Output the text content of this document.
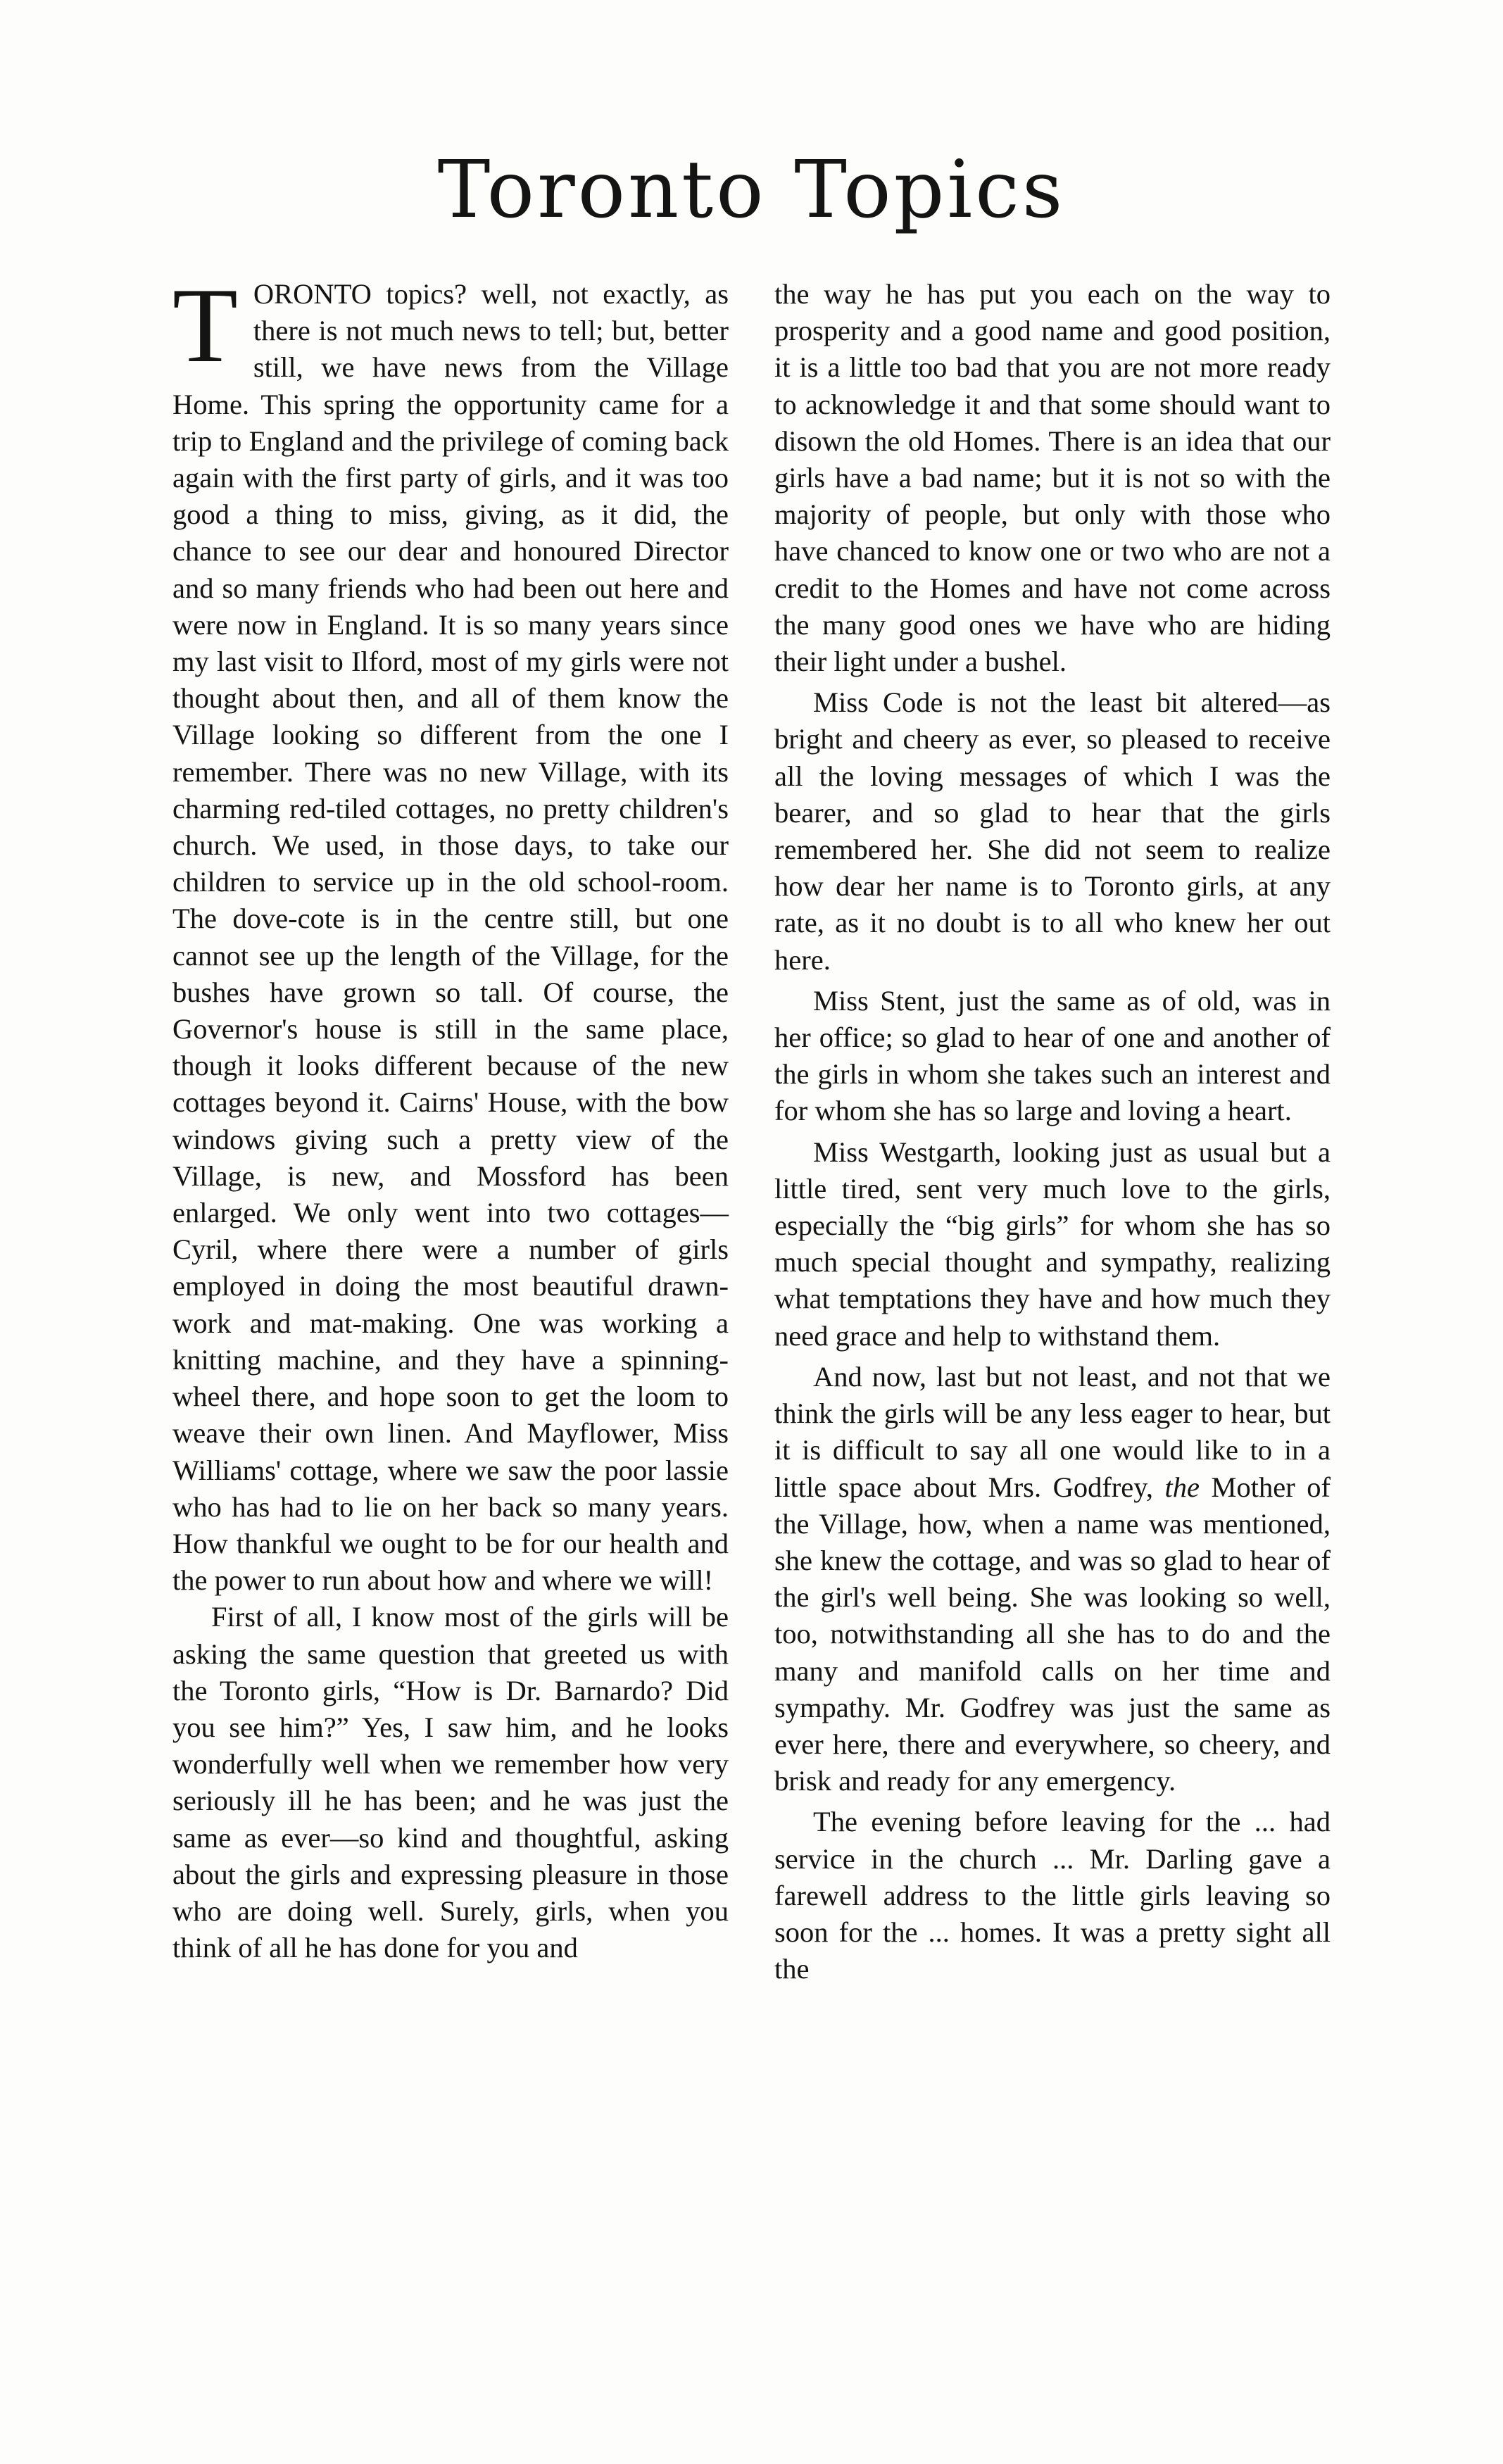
Toronto Topics

TORONTO topics? well, not exactly, as there is not much news to tell; but, better still, we have news from the Village Home. This spring the opportunity came for a trip to England and the privilege of coming back again with the first party of girls, and it was too good a thing to miss, giving, as it did, the chance to see our dear and honoured Director and so many friends who had been out here and were now in England. It is so many years since my last visit to Ilford, most of my girls were not thought about then, and all of them know the Village looking so different from the one I remember. There was no new Village, with its charming red-tiled cottages, no pretty children's church. We used, in those days, to take our children to service up in the old school-room. The dove-cote is in the centre still, but one cannot see up the length of the Village, for the bushes have grown so tall. Of course, the Governor's house is still in the same place, though it looks different because of the new cottages beyond it. Cairns' House, with the bow windows giving such a pretty view of the Village, is new, and Mossford has been enlarged. We only went into two cottages—Cyril, where there were a number of girls employed in doing the most beautiful drawn-work and mat-making. One was working a knitting machine, and they have a spinning-wheel there, and hope soon to get the loom to weave their own linen. And Mayflower, Miss Williams' cottage, where we saw the poor lassie who has had to lie on her back so many years. How thankful we ought to be for our health and the power to run about how and where we will!

First of all, I know most of the girls will be asking the same question that greeted us with the Toronto girls, “How is Dr. Barnardo? Did you see him?” Yes, I saw him, and he looks wonderfully well when we remember how very seriously ill he has been; and he was just the same as ever—so kind and thoughtful, asking about the girls and expressing pleasure in those who are doing well. Surely, girls, when you think of all he has done for you and

the way he has put you each on the way to prosperity and a good name and good position, it is a little too bad that you are not more ready to acknowledge it and that some should want to disown the old Homes. There is an idea that our girls have a bad name; but it is not so with the majority of people, but only with those who have chanced to know one or two who are not a credit to the Homes and have not come across the many good ones we have who are hiding their light under a bushel.

Miss Code is not the least bit altered—as bright and cheery as ever, so pleased to receive all the loving messages of which I was the bearer, and so glad to hear that the girls remembered her. She did not seem to realize how dear her name is to Toronto girls, at any rate, as it no doubt is to all who knew her out here.

Miss Stent, just the same as of old, was in her office; so glad to hear of one and another of the girls in whom she takes such an interest and for whom she has so large and loving a heart.

Miss Westgarth, looking just as usual but a little tired, sent very much love to the girls, especially the “big girls” for whom she has so much special thought and sympathy, realizing what temptations they have and how much they need grace and help to withstand them.

And now, last but not least, and not that we think the girls will be any less eager to hear, but it is difficult to say all one would like to in a little space about Mrs. Godfrey, the Mother of the Village, how, when a name was mentioned, she knew the cottage, and was so glad to hear of the girl's well being. She was looking so well, too, notwithstanding all she has to do and the many and manifold calls on her time and sympathy. Mr. Godfrey was just the same as ever here, there and everywhere, so cheery, and brisk and ready for any emergency.

The evening before leaving for the ... had service in the church ... Mr. Darling gave a farewell address to the little girls leaving so soon for the ... homes. It was a pretty sight all the
